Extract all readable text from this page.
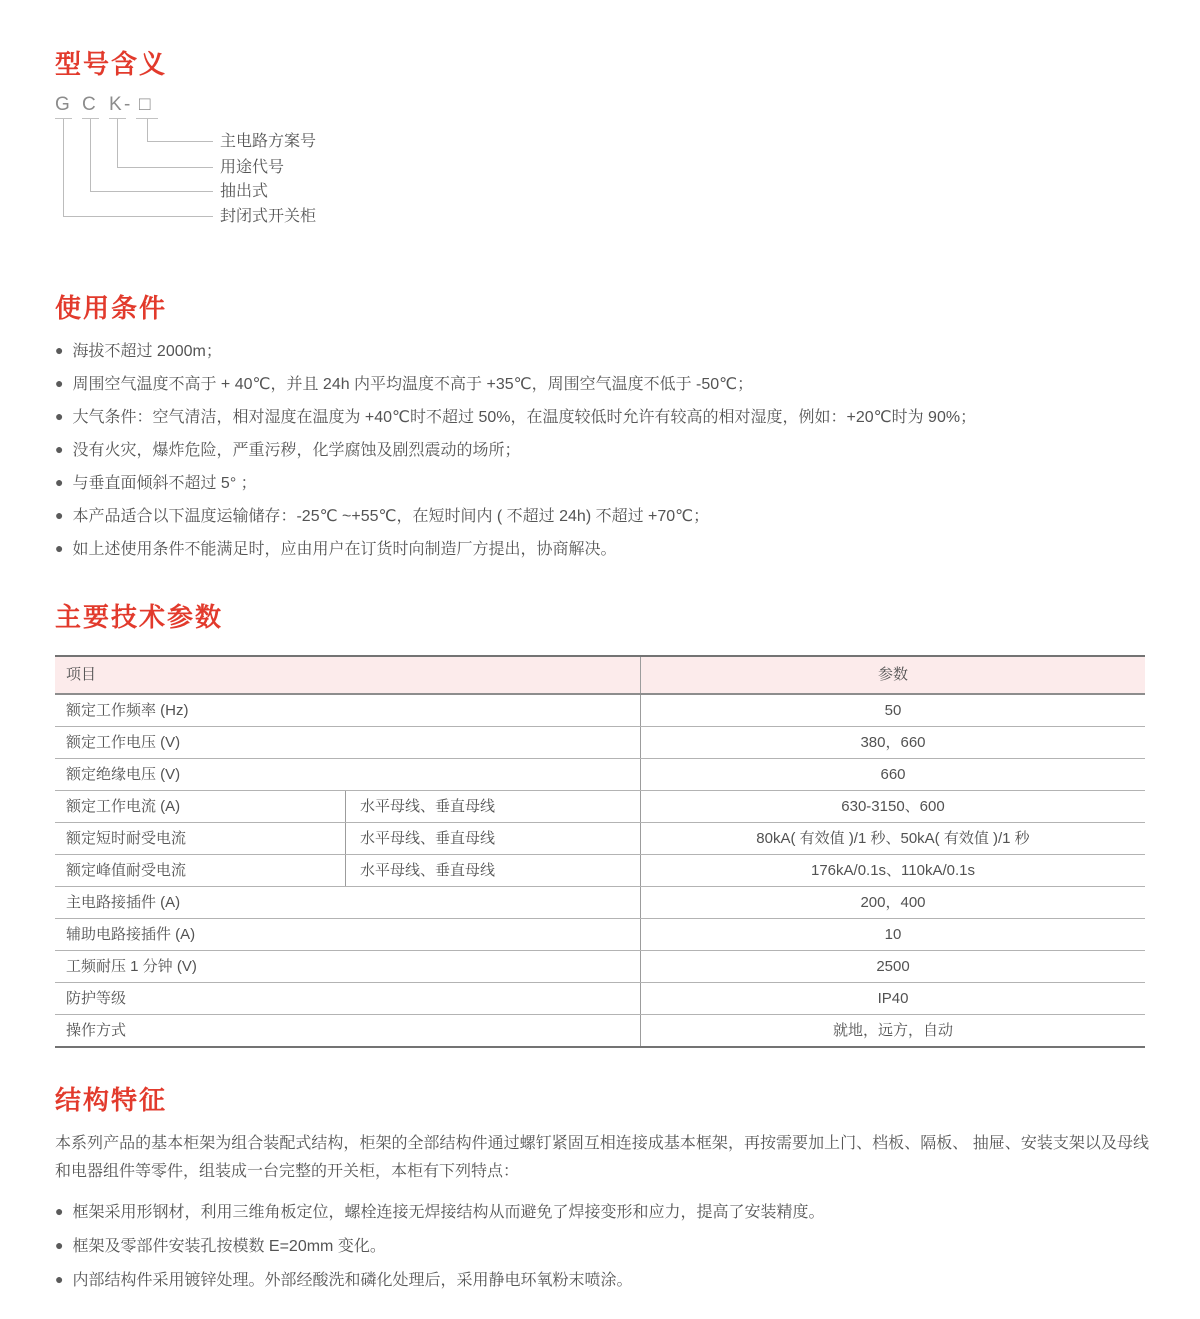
型号含义
G C K - □
主电路方案号
用途代号
抽出式
封闭式开关柜
使用条件
● 海拔不超过 2000m；
● 周围空气温度不高于 + 40℃，并且 24h 内平均温度不高于 +35℃，周围空气温度不低于 -50℃；
● 大气条件：空气清洁，相对湿度在温度为 +40℃时不超过 50%，在温度较低时允许有较高的相对湿度，例如：+20℃时为 90%；
● 没有火灾，爆炸危险，严重污秽，化学腐蚀及剧烈震动的场所；
● 与垂直面倾斜不超过 5° ；
● 本产品适合以下温度运输储存：-25℃ ~+55℃，在短时间内 ( 不超过 24h) 不超过 +70℃；
● 如上述使用条件不能满足时，应由用户在订货时向制造厂方提出，协商解决。
主要技术参数
项目	参数
额定工作频率 (Hz)	50
额定工作电压 (V)	380，660
额定绝缘电压 (V)	660
额定工作电流 (A)	水平母线、垂直母线	630-3150、600
额定短时耐受电流	水平母线、垂直母线	80kA( 有效值 )/1 秒、50kA( 有效值 )/1 秒
额定峰值耐受电流	水平母线、垂直母线	176kA/0.1s、110kA/0.1s
主电路接插件 (A)	200，400
辅助电路接插件 (A)	10
工频耐压 1 分钟 (V)	2500
防护等级	IP40
操作方式	就地，远方，自动
结构特征
本系列产品的基本柜架为组合装配式结构，柜架的全部结构件通过螺钉紧固互相连接成基本框架，再按需要加上门、档板、隔板、 抽屉、安装支架以及母线和电器组件等零件，组装成一台完整的开关柜，本柜有下列特点：
● 框架采用形钢材，利用三维角板定位，螺栓连接无焊接结构从而避免了焊接变形和应力，提高了安装精度。
● 框架及零部件安装孔按模数 E=20mm 变化。
● 内部结构件采用镀锌处理。外部经酸洗和磷化处理后，采用静电环氧粉末喷涂。
